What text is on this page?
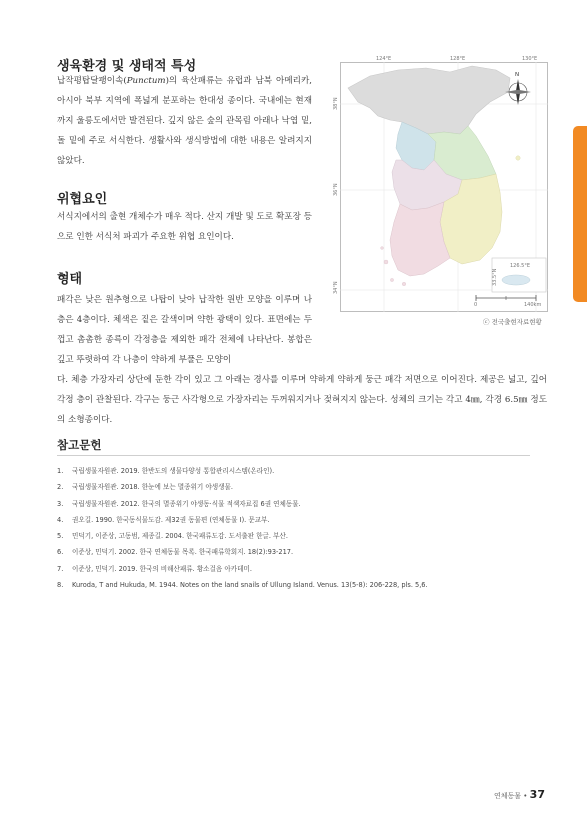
생육환경 및 생태적 특성

납작평탑달팽이속(Punctum)의 육산패류는 유럽과 남북 아메리카, 아시아 북부 지역에 폭넓게 분포하는 한대성 종이다. 국내에는 현재까지 울릉도에서만 발견된다. 깊지 않은 숲의 관목림 아래나 낙엽 밑, 돌 밑에 주로 서식한다. 생활사와 생식방법에 대한 내용은 알려지지 않았다.

위협요인

서식지에서의 출현 개체수가 매우 적다. 산지 개발 및 도로 확포장 등으로 인한 서식처 파괴가 주요한 위협 요인이다.

형태

패각은 낮은 원추형으로 나탑이 낮아 납작한 원반 모양을 이루며 나층은 4층이다. 체색은 짙은 갈색이며 약한 광택이 있다. 표면에는 두껍고 촘촘한 종륵이 각정층을 제외한 패각 전체에 나타난다. 봉합은 깊고 뚜렷하여 각 나층이 약하게 부풀은 모양이

다. 체층 가장자리 상단에 둔한 각이 있고 그 아래는 경사를 이루며 약하게 약하게 둥근 패각 저면으로 이어진다. 제공은 넓고, 깊어 각정 층이 관찰된다. 각구는 둥근 사각형으로 가장자리는 두꺼워지거나 젖혀지지 않는다. 성체의 크기는 각고 4㎜, 각경 6.5㎜ 정도의 소형종이다.

124°E	128°E	130°E
38°N
36°N
34°N
33.5°N
126.5°E
N
0	140km
ⓒ 전국출현자료현황
참고문헌
1. 국립생물자원관. 2019. 한반도의 생물다양성 통합관리시스템(온라인).
2. 국립생물자원관. 2018. 한눈에 보는 멸종위기 야생생물.
3. 국립생물자원관. 2012. 한국의 멸종위기 야생동·식물 적색자료집 6권 연체동물.
4. 권오길. 1990. 한국동식물도감. 제32권 동물편 (연체동물 Ⅰ). 문교부.
5. 민덕기, 이준상, 고동범, 제종길. 2004. 한국패류도감. 도서출판 한글. 부산.
6. 이준상, 민덕기. 2002. 한국 연체동물 목록. 한국패류학회지. 18(2):93-217.
7. 이준상, 민덕기. 2019. 한국의 비해산패류. 황소걸음 아카데미.
8. Kuroda, T and Hukuda, M. 1944. Notes on the land snails of Ullung Island. Venus. 13(5-8): 206-228, pls. 5,6.
연체동물 • 37
